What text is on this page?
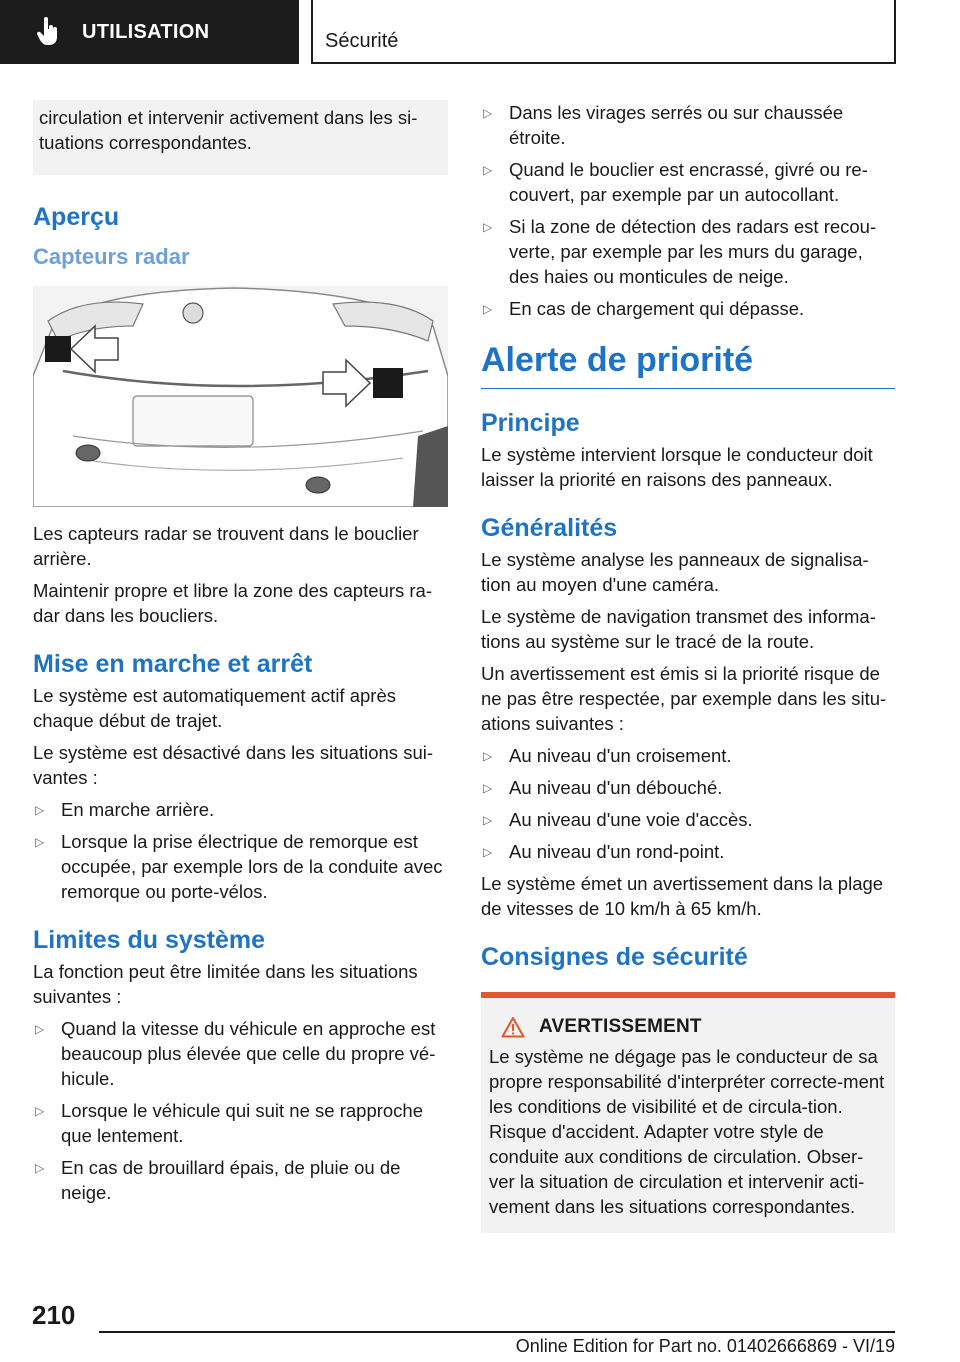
UTILISATION	Sécurité
circulation et intervenir activement dans les si-tuations correspondantes.
Aperçu
Capteurs radar
Les capteurs radar se trouvent dans le bouclier arrière.
Maintenir propre et libre la zone des capteurs ra-dar dans les boucliers.
Mise en marche et arrêt
Le système est automatiquement actif après chaque début de trajet.
Le système est désactivé dans les situations sui-vantes :
▷ En marche arrière.
▷ Lorsque la prise électrique de remorque est occupée, par exemple lors de la conduite avec remorque ou porte-vélos.
Limites du système
La fonction peut être limitée dans les situations suivantes :
▷ Quand la vitesse du véhicule en approche est beaucoup plus élevée que celle du propre vé-hicule.
▷ Lorsque le véhicule qui suit ne se rapproche que lentement.
▷ En cas de brouillard épais, de pluie ou de neige.
▷ Dans les virages serrés ou sur chaussée étroite.
▷ Quand le bouclier est encrassé, givré ou re-couvert, par exemple par un autocollant.
▷ Si la zone de détection des radars est recou-verte, par exemple par les murs du garage, des haies ou monticules de neige.
▷ En cas de chargement qui dépasse.
Alerte de priorité
Principe
Le système intervient lorsque le conducteur doit laisser la priorité en raisons des panneaux.
Généralités
Le système analyse les panneaux de signalisa-tion au moyen d'une caméra.
Le système de navigation transmet des informa-tions au système sur le tracé de la route.
Un avertissement est émis si la priorité risque de ne pas être respectée, par exemple dans les situ-ations suivantes :
▷ Au niveau d'un croisement.
▷ Au niveau d'un débouché.
▷ Au niveau d'une voie d'accès.
▷ Au niveau d'un rond-point.
Le système émet un avertissement dans la plage de vitesses de 10 km/h à 65 km/h.
Consignes de sécurité
AVERTISSEMENT
Le système ne dégage pas le conducteur de sa propre responsabilité d'interpréter correcte-ment les conditions de visibilité et de circula-tion. Risque d'accident. Adapter votre style de conduite aux conditions de circulation. Obser-ver la situation de circulation et intervenir acti-vement dans les situations correspondantes.
210
Online Edition for Part no. 01402666869 - VI/19
